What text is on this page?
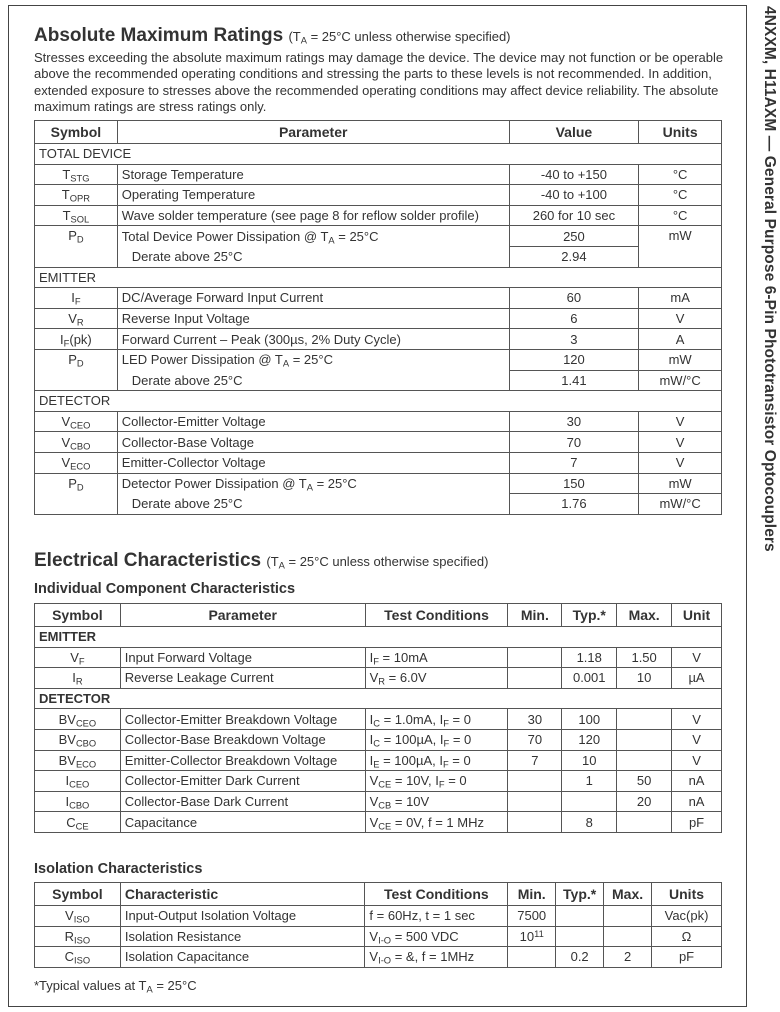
4NXXM, H11AXM — General Purpose 6-Pin Phototransistor Optocouplers
Absolute Maximum Ratings ($T_A = 25^\circ C$ unless otherwise specified)

Stresses exceeding the absolute maximum ratings may damage the device. The device may not function or be operable above the recommended operating conditions and stressing the parts to these levels is not recommended. In addition, extended exposure to stresses above the recommended operating conditions may affect device reliability. The absolute maximum ratings are stress ratings only.

Symbol	Parameter	Value	Units
TOTAL DEVICE			
$T_{STG}$	Storage Temperature	-40 to +150	°C
$T_{OPR}$	Operating Temperature	-40 to +100	°C
$T_{SOL}$	Wave solder temperature (see page 8 for reflow solder profile)	260 for 10 sec	°C
$P_D$	Total Device Power Dissipation @ $T_A = 25^\circ C$	250	mW
	Derate above 25°C	2.94	
EMITTER			
$I_F$	DC/Average Forward Input Current	60	mA
$V_R$	Reverse Input Voltage	6	V
$I_F(pk)$	Forward Current – Peak (300µs, 2% Duty Cycle)	3	A
$P_D$	LED Power Dissipation @ $T_A = 25^\circ C$	120	mW
	Derate above 25°C	1.41	mW/°C
DETECTOR			
$V_{CEO}$	Collector-Emitter Voltage	30	V
$V_{CBO}$	Collector-Base Voltage	70	V
$V_{ECO}$	Emitter-Collector Voltage	7	V
$P_D$	Detector Power Dissipation @ $T_A = 25^\circ C$	150	mW
	Derate above 25°C	1.76	mW/°C
Electrical Characteristics ($T_A = 25^\circ C$ unless otherwise specified)
Individual Component Characteristics
Symbol	Parameter	Test Conditions	Min.	Typ.*	Max.	Unit
EMITTER						
$V_F$	Input Forward Voltage	$I_F = 10mA$		1.18	1.50	V
$I_R$	Reverse Leakage Current	$V_R = 6.0V$		0.001	10	µA
DETECTOR						
$BV_{CEO}$	Collector-Emitter Breakdown Voltage	$I_C = 1.0mA$, $I_F = 0$	30	100		V
$BV_{CBO}$	Collector-Base Breakdown Voltage	$I_C = 100\mu A$, $I_F = 0$	70	120		V
$BV_{ECO}$	Emitter-Collector Breakdown Voltage	$I_E = 100\mu A$, $I_F = 0$	7	10		V
$I_{CEO}$	Collector-Emitter Dark Current	$V_{CE} = 10V$, $I_F = 0$		1	50	nA
$I_{CBO}$	Collector-Base Dark Current	$V_{CB} = 10V$			20	nA
$C_{CE}$	Capacitance	$V_{CE} = 0V$, f = 1 MHz		8		pF
Isolation Characteristics
Symbol	Characteristic	Test Conditions	Min.	Typ.*	Max.	Units
$V_{ISO}$	Input-Output Isolation Voltage	f = 60Hz, t = 1 sec	7500			Vac(pk)
$R_{ISO}$	Isolation Resistance	$V_{I-O} = 500$ VDC	$10^{11}$			Ω
$C_{ISO}$	Isolation Capacitance	$V_{I-O}$ = &, f = 1MHz		0.2	2	pF
*Typical values at $T_A = 25^\circ C$
